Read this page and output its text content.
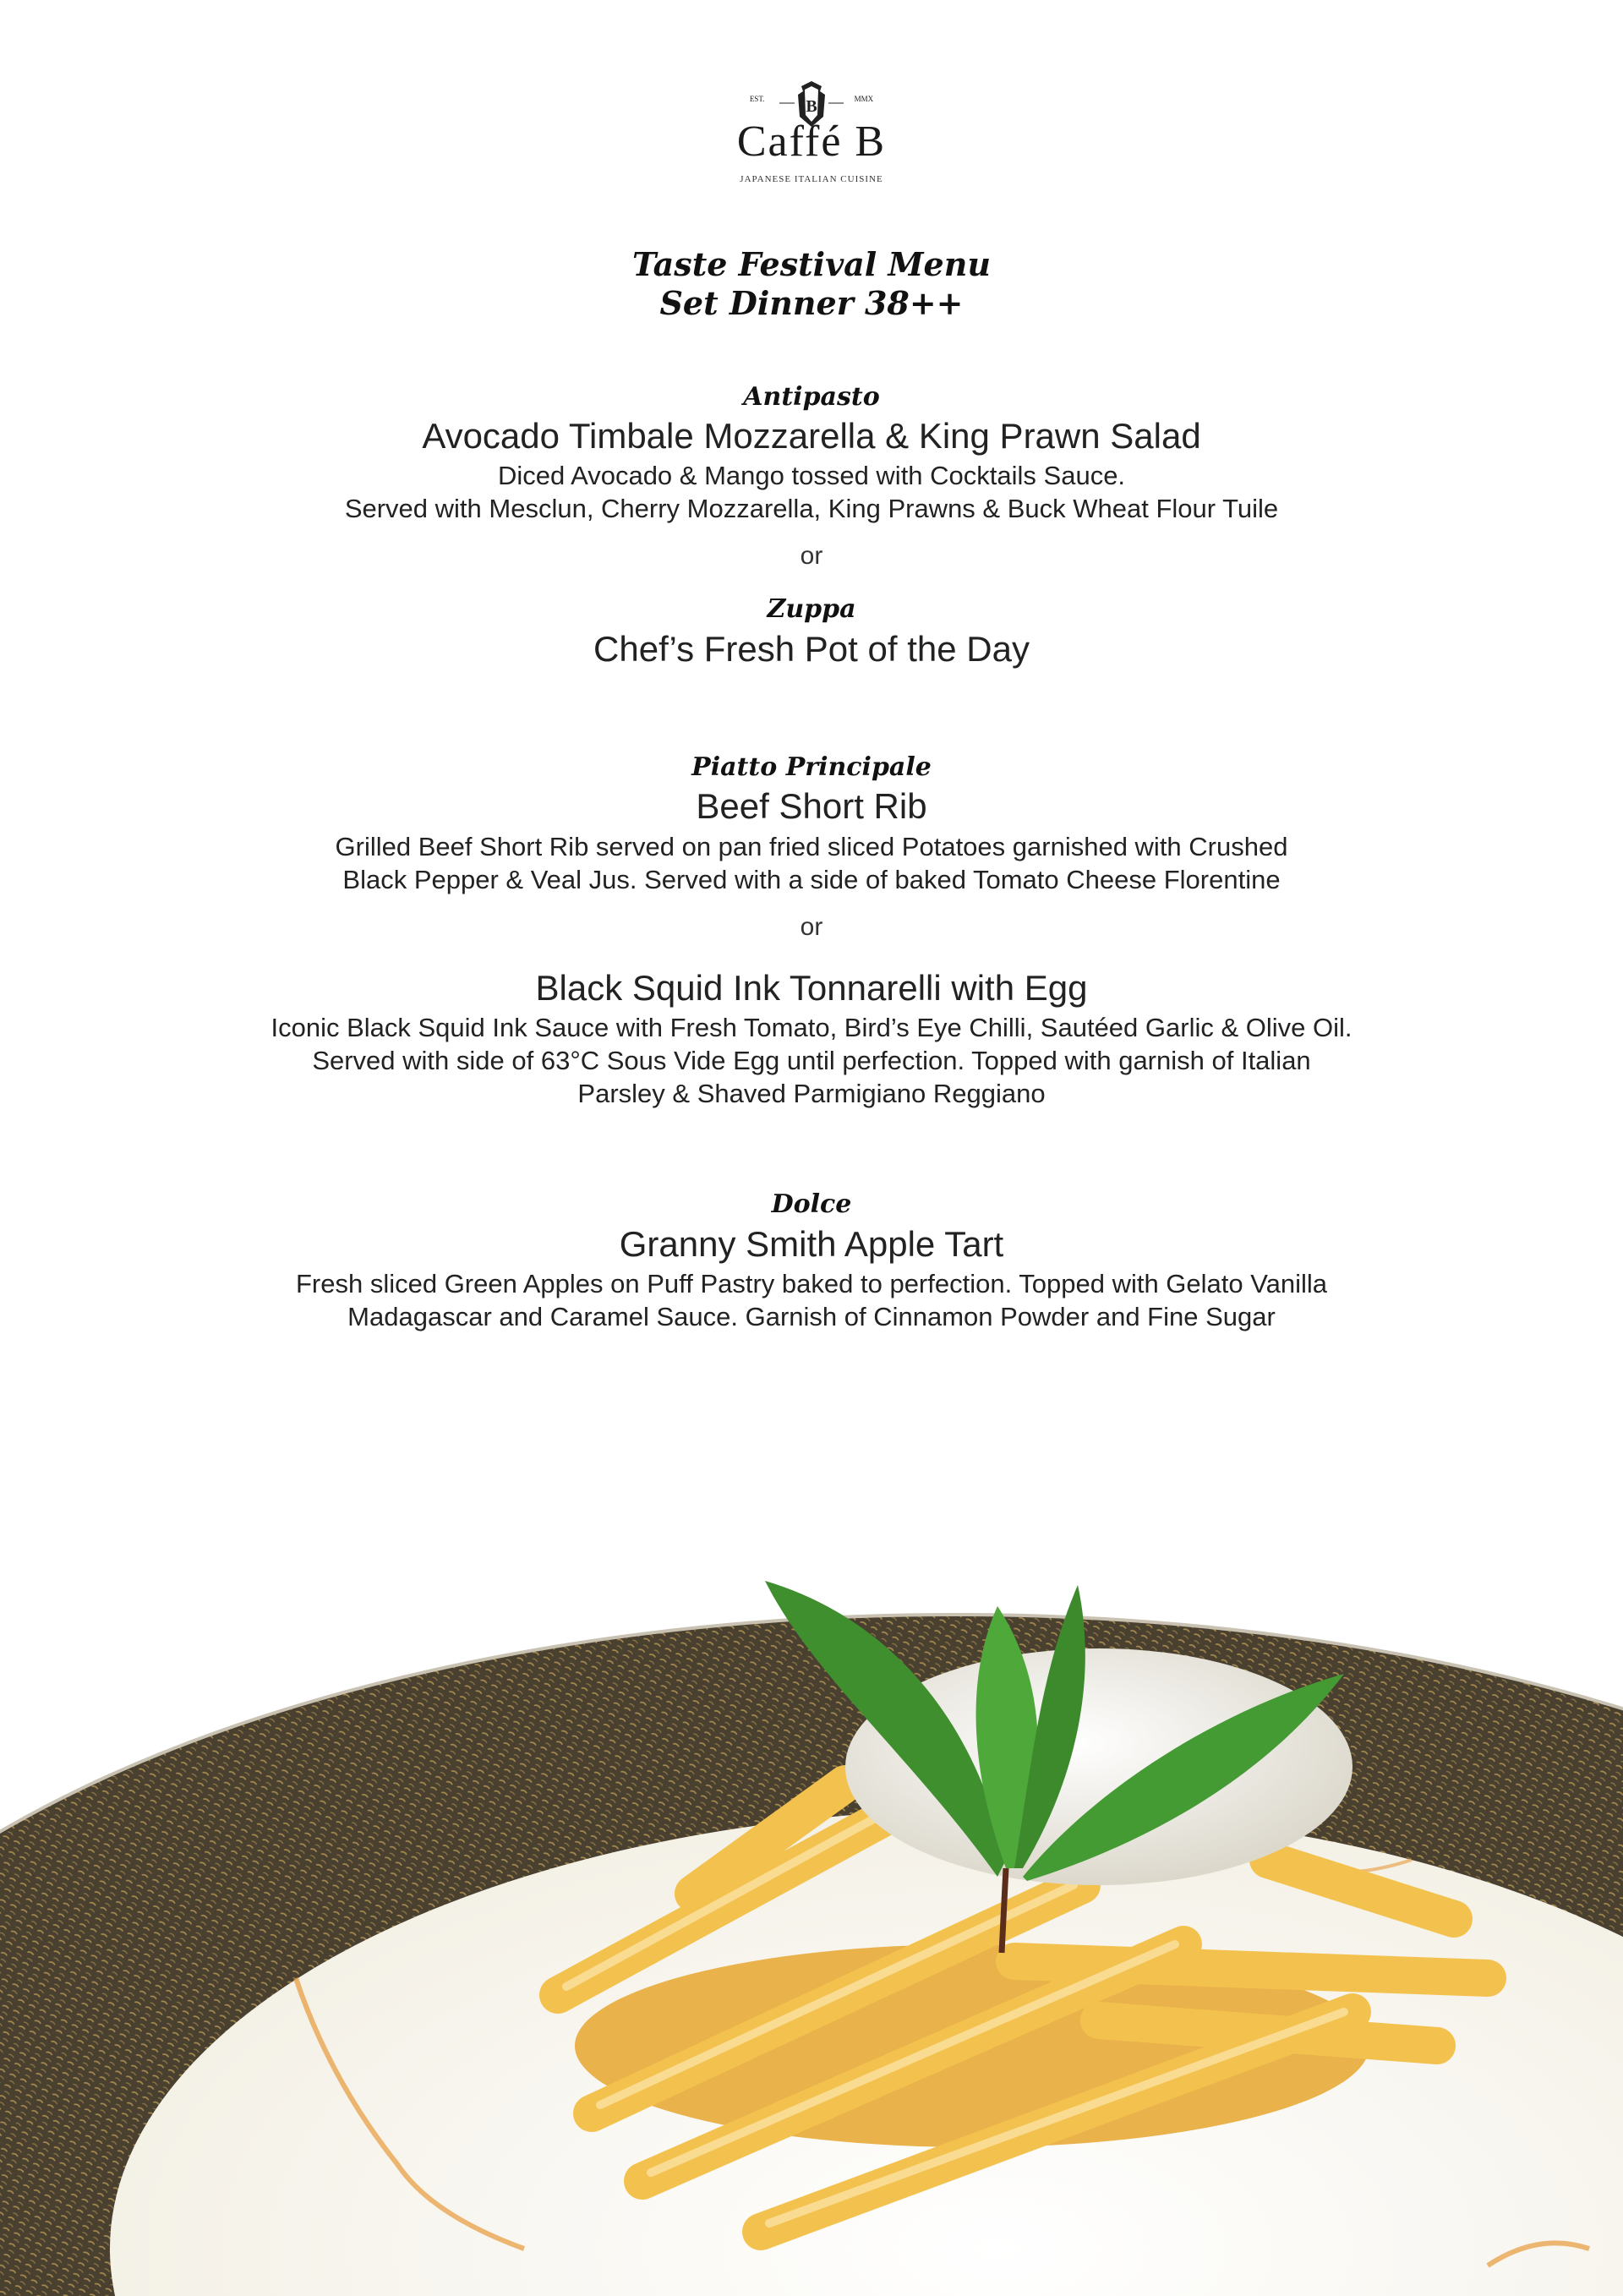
B
EST.	MMX
Caffé B
JAPANESE ITALIAN CUISINE
Taste Festival Menu
Set Dinner 38++
Antipasto
Avocado Timbale Mozzarella & King Prawn Salad
Diced Avocado & Mango tossed with Cocktails Sauce.
Served with Mesclun, Cherry Mozzarella, King Prawns & Buck Wheat Flour Tuile
or
Zuppa
Chef’s Fresh Pot of the Day
Piatto Principale
Beef Short Rib
Grilled Beef Short Rib served on pan fried sliced Potatoes garnished with Crushed
Black Pepper & Veal Jus. Served with a side of baked Tomato Cheese Florentine
or
Black Squid Ink Tonnarelli with Egg
Iconic Black Squid Ink Sauce with Fresh Tomato, Bird’s Eye Chilli, Sautéed Garlic & Olive Oil.
Served with side of 63°C Sous Vide Egg until perfection. Topped with garnish of Italian
Parsley & Shaved Parmigiano Reggiano
Dolce
Granny Smith Apple Tart
Fresh sliced Green Apples on Puff Pastry baked to perfection. Topped with Gelato Vanilla
Madagascar and Caramel Sauce. Garnish of Cinnamon Powder and Fine Sugar
